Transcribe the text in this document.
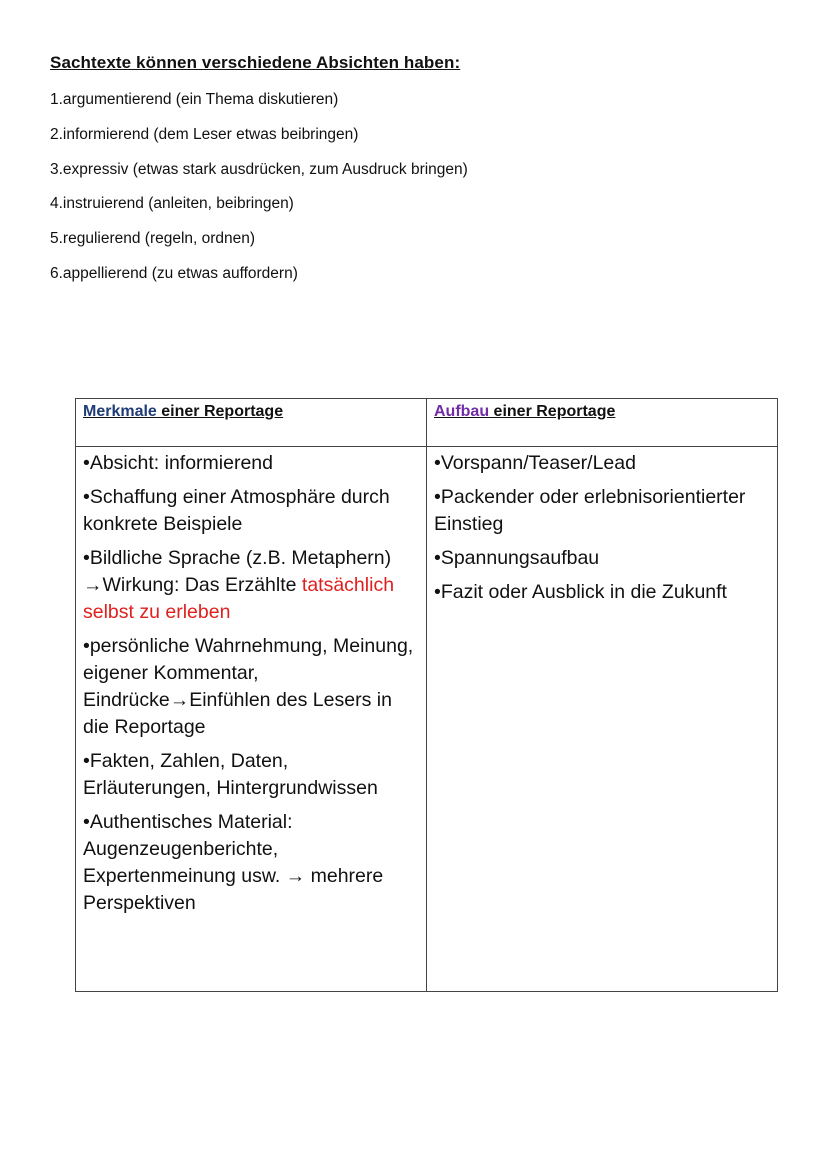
Sachtexte können verschiedene Absichten haben:
1.argumentierend (ein Thema diskutieren)
2.informierend (dem Leser etwas beibringen)
3.expressiv (etwas stark ausdrücken, zum Ausdruck bringen)
4.instruierend (anleiten, beibringen)
5.regulierend (regeln, ordnen)
6.appellierend (zu etwas auffordern)
Merkmale einer Reportage	Aufbau einer Reportage
•Absicht: informierend
•Schaffung einer Atmosphäre durch konkrete Beispiele
•Bildliche Sprache (z.B. Metaphern) →Wirkung: Das Erzählte tatsächlich selbst zu erleben
•persönliche Wahrnehmung, Meinung, eigener Kommentar, Eindrücke→Einfühlen des Lesers in die Reportage
•Fakten, Zahlen, Daten, Erläuterungen, Hintergrundwissen
•Authentisches Material: Augenzeugenberichte, Expertenmeinung usw. → mehrere Perspektiven
•Vorspann/Teaser/Lead
•Packender oder erlebnisorientierter Einstieg
•Spannungsaufbau
•Fazit oder Ausblick in die Zukunft
